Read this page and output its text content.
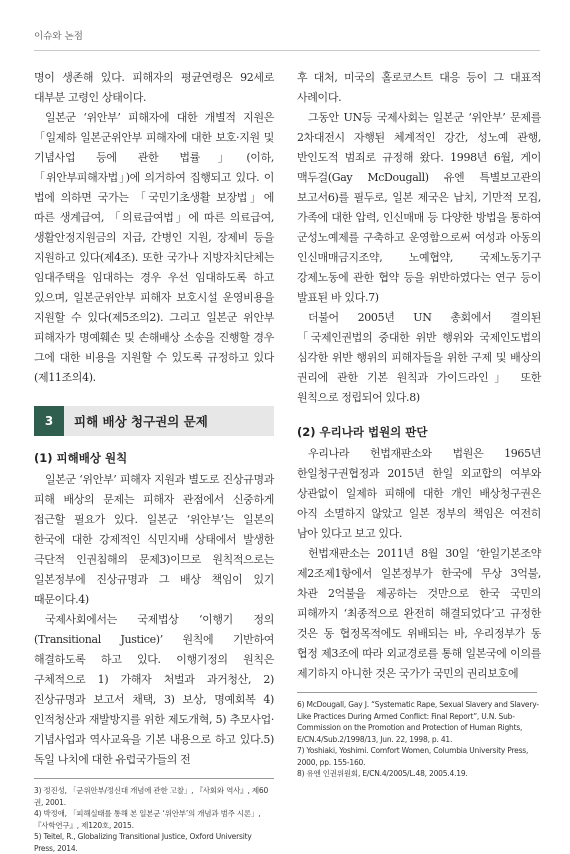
이슈와 논점

명이 생존해 있다. 피해자의 평균연령은 92세로 대부분 고령인 상태이다.

일본군 ‘위안부’ 피해자에 대한 개별적 지원은 「일제하 일본군위안부 피해자에 대한 보호·지원 및 기념사업 등에 관한 법률」(이하, 「위안부피해자법」)에 의거하여 집행되고 있다. 이 법에 의하면 국가는 「국민기초생활 보장법」에 따른 생계급여, 「의료급여법」에 따른 의료급여, 생활안정지원금의 지급, 간병인 지원, 장제비 등을 지원하고 있다(제4조). 또한 국가나 지방자치단체는 임대주택을 임대하는 경우 우선 임대하도록 하고 있으며, 일본군위안부 피해자 보호시설 운영비용을 지원할 수 있다(제5조의2). 그리고 일본군 위안부 피해자가 명예훼손 및 손해배상 소송을 진행할 경우 그에 대한 비용을 지원할 수 있도록 규정하고 있다(제11조의4).

3	피해 배상 청구권의 문제
(1) 피해배상 원칙

일본군 ‘위안부’ 피해자 지원과 별도로 진상규명과 피해 배상의 문제는 피해자 관점에서 신중하게 접근할 필요가 있다. 일본군 ‘위안부’는 일본의 한국에 대한 강제적인 식민지배 상태에서 발생한 극단적 인권침해의 문제3)이므로 원칙적으로는 일본정부에 진상규명과 그 배상 책임이 있기 때문이다.4)

국제사회에서는 국제법상 ‘이행기 정의(Transitional Justice)’ 원칙에 기반하여 해결하도록 하고 있다. 이행기정의 원칙은 구체적으로 1) 가해자 처벌과 과거청산, 2) 진상규명과 보고서 채택, 3) 보상, 명예회복 4) 인적청산과 재발방지를 위한 제도개혁, 5) 추모사업·기념사업과 역사교육을 기본 내용으로 하고 있다.5) 독일 나치에 대한 유럽국가들의 전

3) 정진성, 「군위안부/정신대 개념에 관한 고찰」, 『사회와 역사』, 제60권, 2001.

4) 박정애, 「피해실태를 통해 본 일본군 ‘위안부’의 개념과 범주 시론」, 『사학연구』, 제120호, 2015.

5) Teitel, R., Globalizing Transitional Justice, Oxford University Press, 2014.

후 대처, 미국의 홀로코스트 대응 등이 그 대표적 사례이다.

그동안 UN등 국제사회는 일본군 ‘위안부’ 문제를 2차대전시 자행된 체계적인 강간, 성노예 관행, 반인도적 범죄로 규정해 왔다. 1998년 6월, 게이 맥두걸(Gay McDougall) 유엔 특별보고관의 보고서6)를 필두로, 일본 제국은 납치, 기만적 모집, 가족에 대한 압력, 인신매매 등 다양한 방법을 통하여 군성노예제를 구축하고 운영함으로써 여성과 아동의 인신매매금지조약, 노예협약, 국제노동기구 강제노동에 관한 협약 등을 위반하였다는 연구 등이 발표된 바 있다.7)

더불어 2005년 UN 총회에서 결의된 「국제인권법의 중대한 위반 행위와 국제인도법의 심각한 위반 행위의 피해자들을 위한 구제 및 배상의 권리에 관한 기본 원칙과 가이드라인」 또한 원칙으로 정립되어 있다.8)

(2) 우리나라 법원의 판단

우리나라 헌법재판소와 법원은 1965년 한일청구권협정과 2015년 한일 외교합의 여부와 상관없이 일제하 피해에 대한 개인 배상청구권은 아직 소멸하지 않았고 일본 정부의 책임은 여전히 남아 있다고 보고 있다.

헌법재판소는 2011년 8월 30일 ‘한일기본조약 제2조제1항에서 일본정부가 한국에 무상 3억불, 차관 2억불을 제공하는 것만으로 한국 국민의 피해까지 ‘최종적으로 완전히 해결되었다’고 규정한 것은 동 협정목적에도 위배되는 바, 우리정부가 동 협정 제3조에 따라 외교경로를 통해 일본국에 이의를 제기하지 아니한 것은 국가가 국민의 권리보호에

6) McDougall, Gay J. “Systematic Rape, Sexual Slavery and Slavery-Like Practices During Armed Conflict: Final Report”, U.N. Sub-Commission on the Promotion and Protection of Human Rights, E/CN.4/Sub.2/1998/13, Jun. 22, 1998, p. 41.

7) Yoshiaki, Yoshimi. Comfort Women, Columbia University Press, 2000, pp. 155-160.

8) 유엔 인권위원회, E/CN.4/2005/L.48, 2005.4.19.
